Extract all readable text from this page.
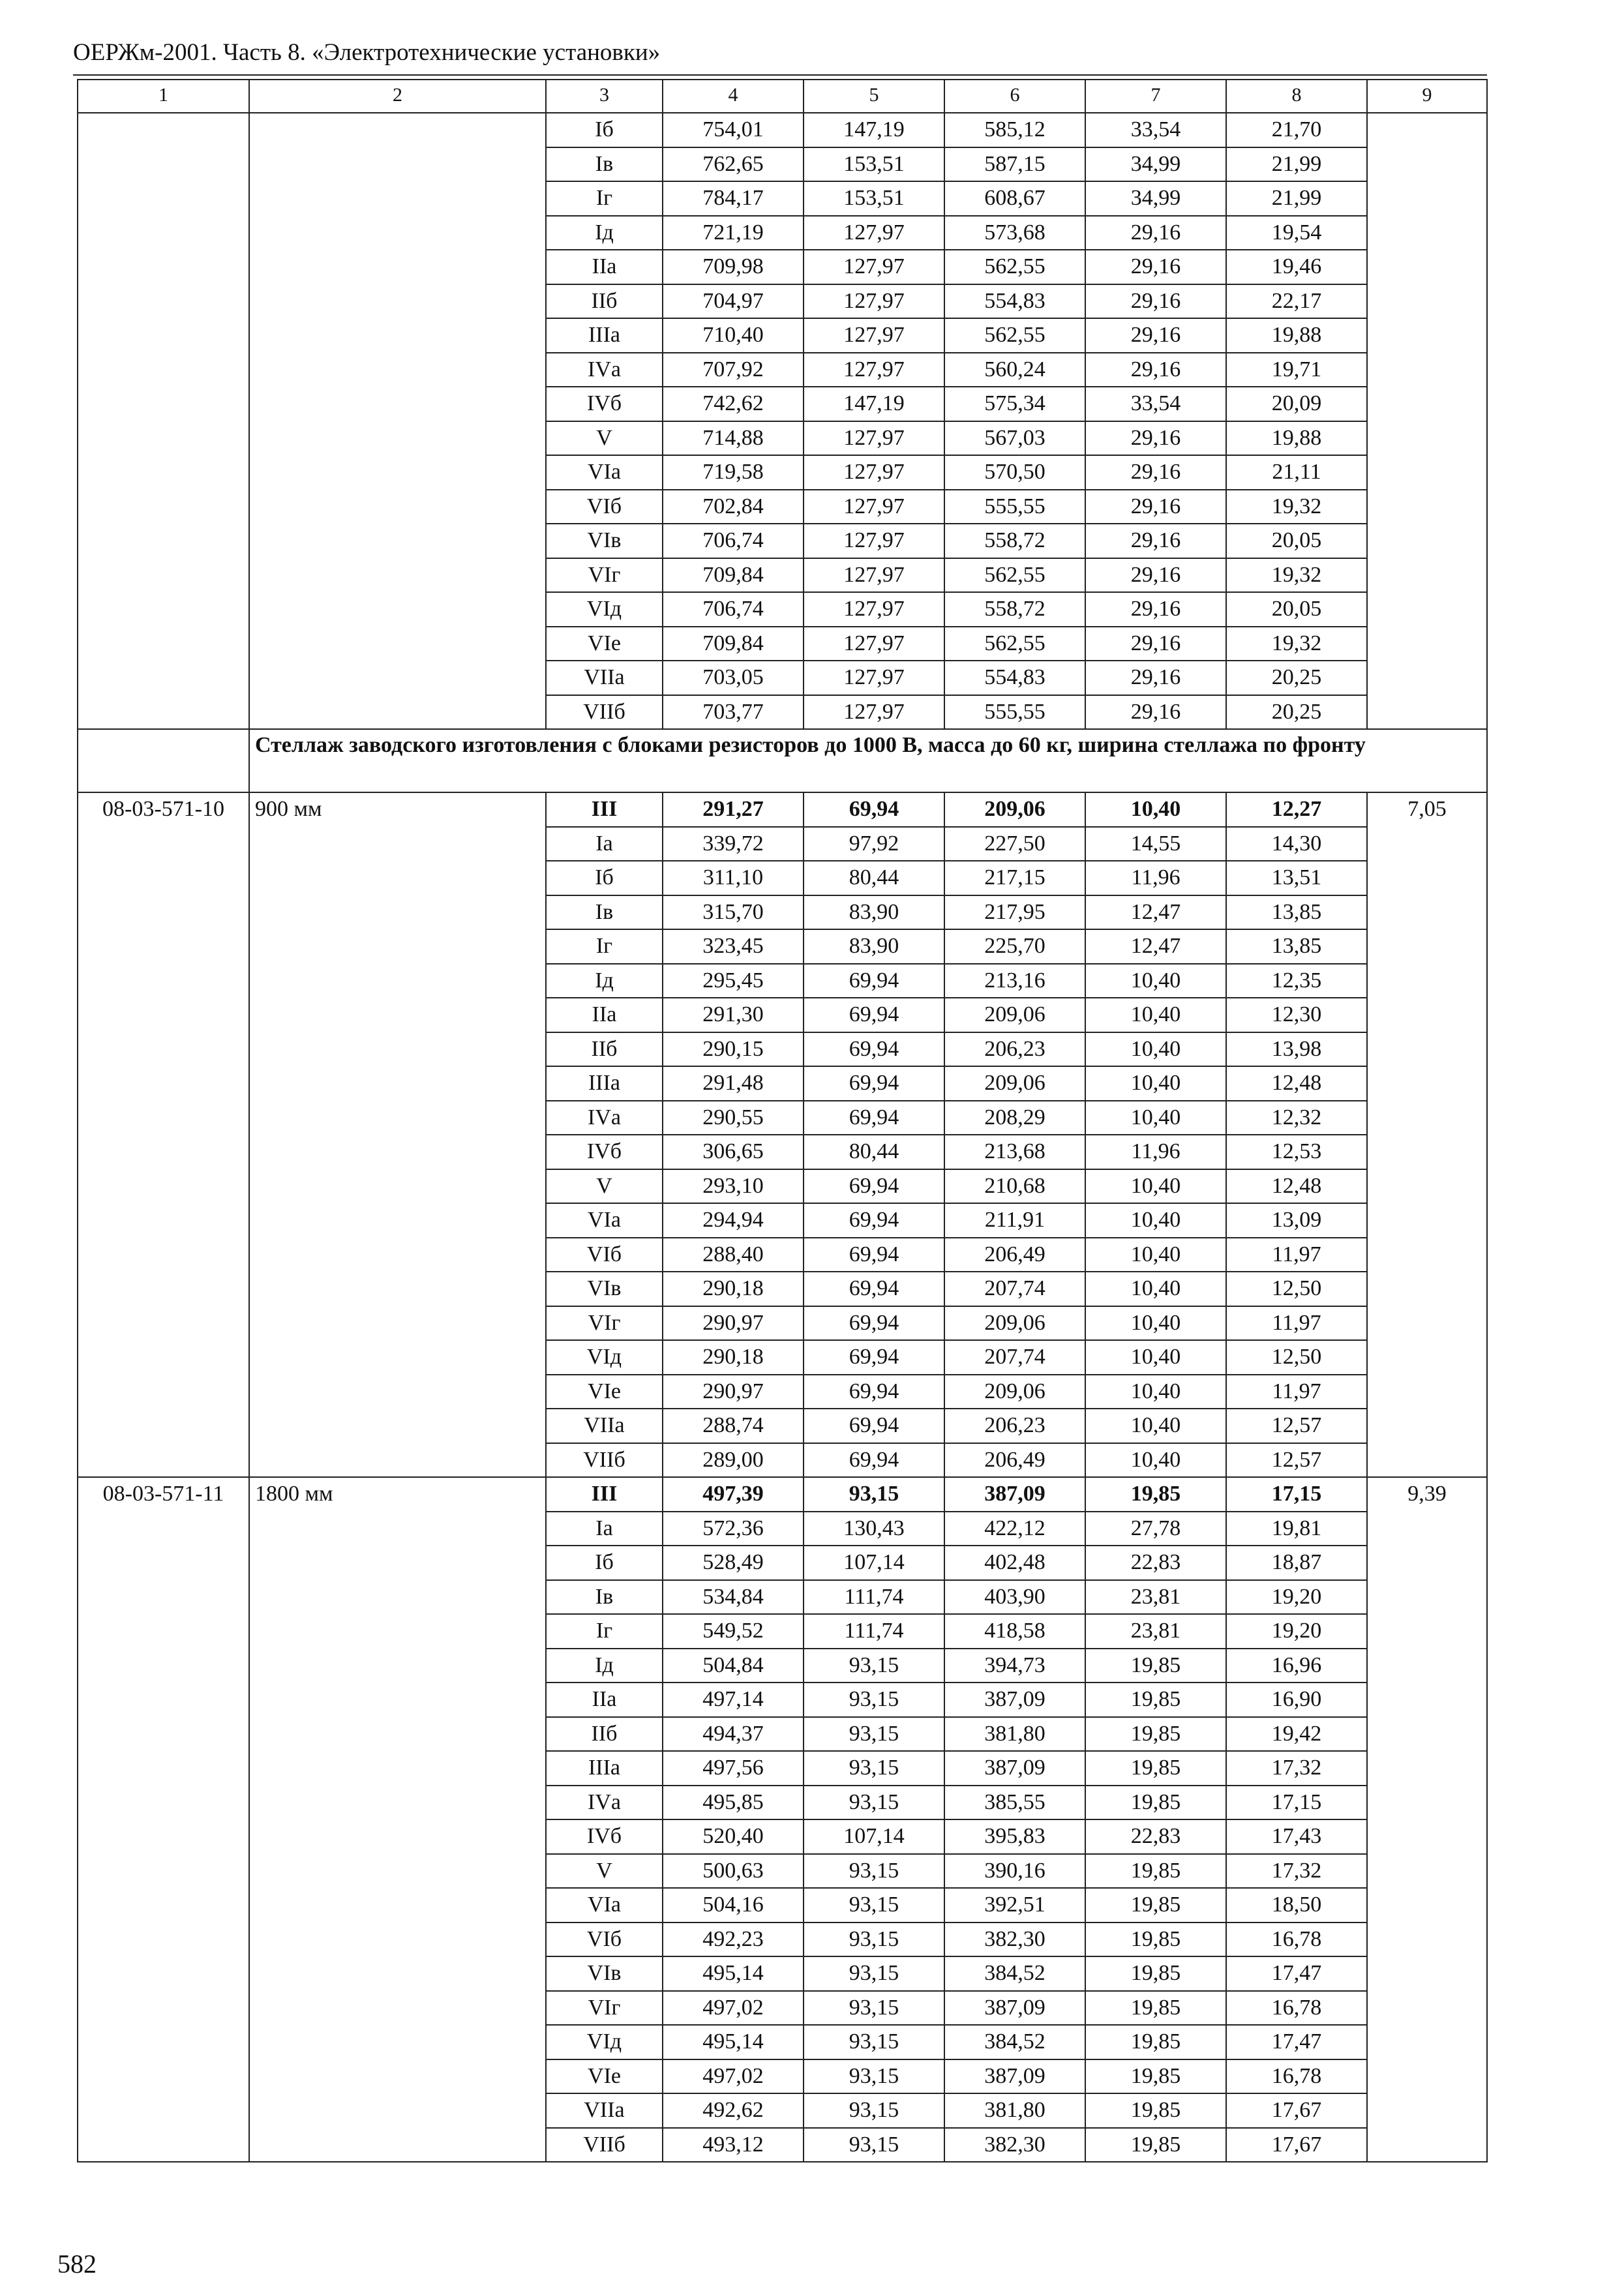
ОЕРЖм-2001. Часть 8. «Электротехнические установки»
1	2	3	4	5	6	7	8	9
		Iб	754,01	147,19	585,12	33,54	21,70	
		Iв	762,65	153,51	587,15	34,99	21,99	
		Iг	784,17	153,51	608,67	34,99	21,99	
		Iд	721,19	127,97	573,68	29,16	19,54	
		IIа	709,98	127,97	562,55	29,16	19,46	
		IIб	704,97	127,97	554,83	29,16	22,17	
		IIIа	710,40	127,97	562,55	29,16	19,88	
		IVа	707,92	127,97	560,24	29,16	19,71	
		IVб	742,62	147,19	575,34	33,54	20,09	
		V	714,88	127,97	567,03	29,16	19,88	
		VIа	719,58	127,97	570,50	29,16	21,11	
		VIб	702,84	127,97	555,55	29,16	19,32	
		VIв	706,74	127,97	558,72	29,16	20,05	
		VIг	709,84	127,97	562,55	29,16	19,32	
		VIд	706,74	127,97	558,72	29,16	20,05	
		VIе	709,84	127,97	562,55	29,16	19,32	
		VIIа	703,05	127,97	554,83	29,16	20,25	
		VIIб	703,77	127,97	555,55	29,16	20,25	
	Стеллаж заводского изготовления с блоками резисторов до 1000 В, масса до 60 кг, ширина стеллажа по фронту							
08-03-571-10	900 мм	III	291,27	69,94	209,06	10,40	12,27	7,05
		Iа	339,72	97,92	227,50	14,55	14,30	
		Iб	311,10	80,44	217,15	11,96	13,51	
		Iв	315,70	83,90	217,95	12,47	13,85	
		Iг	323,45	83,90	225,70	12,47	13,85	
		Iд	295,45	69,94	213,16	10,40	12,35	
		IIа	291,30	69,94	209,06	10,40	12,30	
		IIб	290,15	69,94	206,23	10,40	13,98	
		IIIа	291,48	69,94	209,06	10,40	12,48	
		IVа	290,55	69,94	208,29	10,40	12,32	
		IVб	306,65	80,44	213,68	11,96	12,53	
		V	293,10	69,94	210,68	10,40	12,48	
		VIа	294,94	69,94	211,91	10,40	13,09	
		VIб	288,40	69,94	206,49	10,40	11,97	
		VIв	290,18	69,94	207,74	10,40	12,50	
		VIг	290,97	69,94	209,06	10,40	11,97	
		VIд	290,18	69,94	207,74	10,40	12,50	
		VIе	290,97	69,94	209,06	10,40	11,97	
		VIIа	288,74	69,94	206,23	10,40	12,57	
		VIIб	289,00	69,94	206,49	10,40	12,57	
08-03-571-11	1800 мм	III	497,39	93,15	387,09	19,85	17,15	9,39
		Iа	572,36	130,43	422,12	27,78	19,81	
		Iб	528,49	107,14	402,48	22,83	18,87	
		Iв	534,84	111,74	403,90	23,81	19,20	
		Iг	549,52	111,74	418,58	23,81	19,20	
		Iд	504,84	93,15	394,73	19,85	16,96	
		IIа	497,14	93,15	387,09	19,85	16,90	
		IIб	494,37	93,15	381,80	19,85	19,42	
		IIIа	497,56	93,15	387,09	19,85	17,32	
		IVа	495,85	93,15	385,55	19,85	17,15	
		IVб	520,40	107,14	395,83	22,83	17,43	
		V	500,63	93,15	390,16	19,85	17,32	
		VIа	504,16	93,15	392,51	19,85	18,50	
		VIб	492,23	93,15	382,30	19,85	16,78	
		VIв	495,14	93,15	384,52	19,85	17,47	
		VIг	497,02	93,15	387,09	19,85	16,78	
		VIд	495,14	93,15	384,52	19,85	17,47	
		VIе	497,02	93,15	387,09	19,85	16,78	
		VIIа	492,62	93,15	381,80	19,85	17,67	
		VIIб	493,12	93,15	382,30	19,85	17,67	
582
